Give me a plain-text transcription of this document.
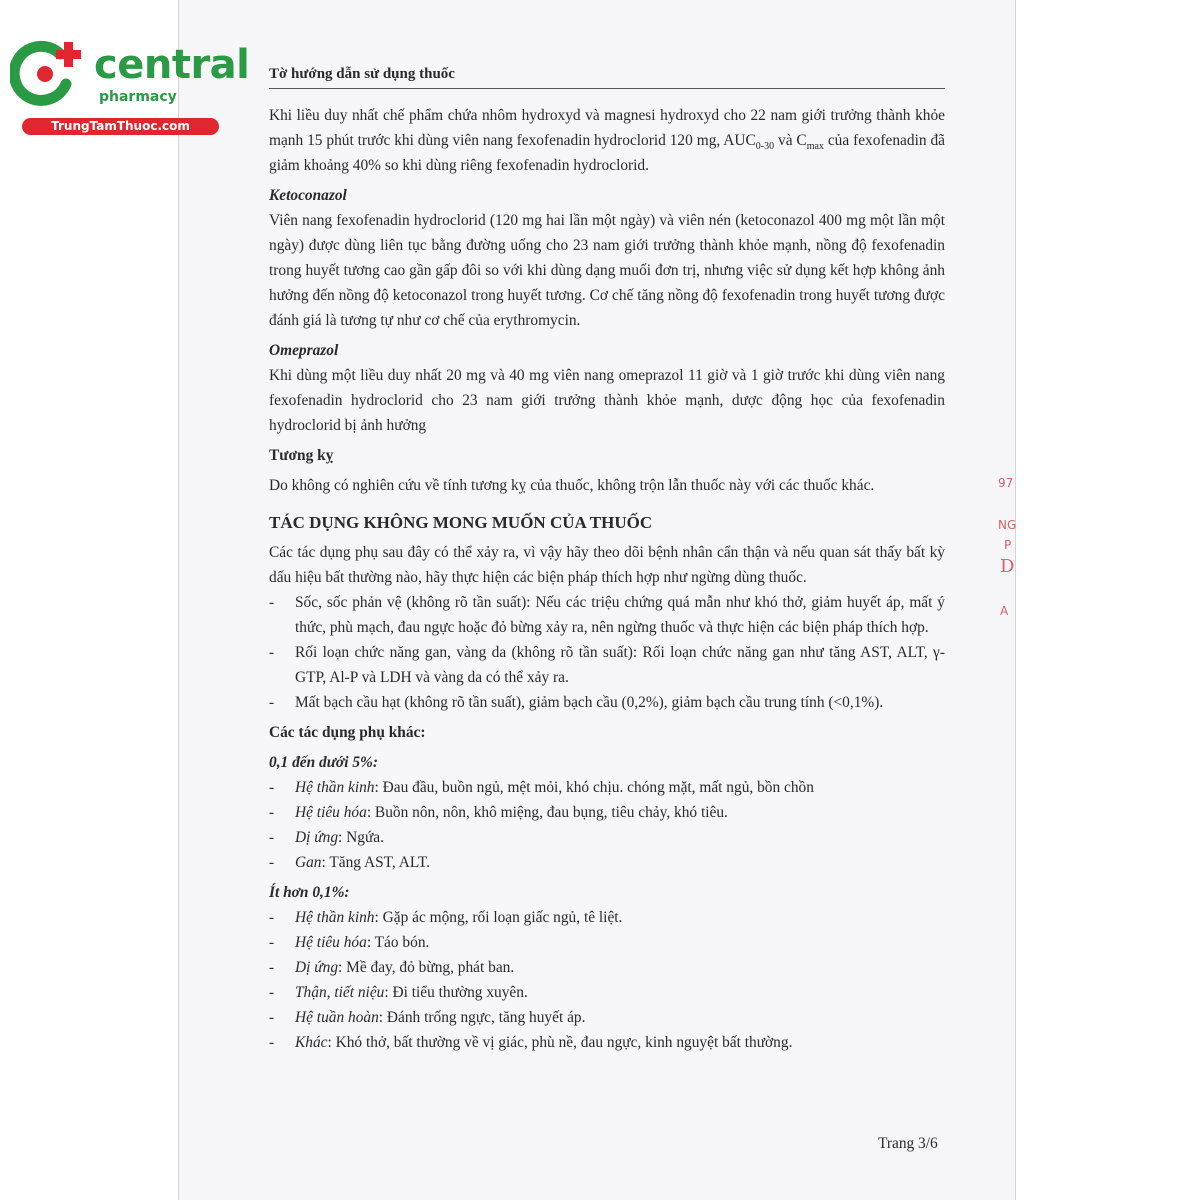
central
pharmacy
TrungTamThuoc.com
Tờ hướng dẫn sử dụng thuốc

Khi liều duy nhất chế phẩm chứa nhôm hydroxyd và magnesi hydroxyd cho 22 nam giới trưởng thành khỏe mạnh 15 phút trước khi dùng viên nang fexofenadin hydroclorid 120 mg, $AUC_{0-30}$ và $C_{max}$ của fexofenadin đã giảm khoảng 40% so khi dùng riêng fexofenadin hydroclorid.

Ketoconazol

Viên nang fexofenadin hydroclorid (120 mg hai lần một ngày) và viên nén (ketoconazol 400 mg một lần một ngày) được dùng liên tục bằng đường uống cho 23 nam giới trưởng thành khỏe mạnh, nồng độ fexofenadin trong huyết tương cao gần gấp đôi so với khi dùng dạng muối đơn trị, nhưng việc sử dụng kết hợp không ảnh hưởng đến nồng độ ketoconazol trong huyết tương. Cơ chế tăng nồng độ fexofenadin trong huyết tương được đánh giá là tương tự như cơ chế của erythromycin.

Omeprazol

Khi dùng một liều duy nhất 20 mg và 40 mg viên nang omeprazol 11 giờ và 1 giờ trước khi dùng viên nang fexofenadin hydroclorid cho 23 nam giới trưởng thành khỏe mạnh, dược động học của fexofenadin hydroclorid bị ảnh hưởng

Tương kỵ

Do không có nghiên cứu về tính tương kỵ của thuốc, không trộn lẫn thuốc này với các thuốc khác.

TÁC DỤNG KHÔNG MONG MUỐN CỦA THUỐC

Các tác dụng phụ sau đây có thể xảy ra, vì vậy hãy theo dõi bệnh nhân cẩn thận và nếu quan sát thấy bất kỳ dấu hiệu bất thường nào, hãy thực hiện các biện pháp thích hợp như ngừng dùng thuốc.

- Sốc, sốc phản vệ (không rõ tần suất): Nếu các triệu chứng quá mẫn như khó thở, giảm huyết áp, mất ý thức, phù mạch, đau ngực hoặc đỏ bừng xảy ra, nên ngừng thuốc và thực hiện các biện pháp thích hợp.
- Rối loạn chức năng gan, vàng da (không rõ tần suất): Rối loạn chức năng gan như tăng AST, ALT, γ-GTP, Al-P và LDH và vàng da có thể xảy ra.
- Mất bạch cầu hạt (không rõ tần suất), giảm bạch cầu (0,2%), giảm bạch cầu trung tính (<0,1%).
Các tác dụng phụ khác:
0,1 đến dưới 5%:
- Hệ thần kinh: Đau đầu, buồn ngủ, mệt mỏi, khó chịu. chóng mặt, mất ngủ, bồn chồn
- Hệ tiêu hóa: Buồn nôn, nôn, khô miệng, đau bụng, tiêu chảy, khó tiêu.
- Dị ứng: Ngứa.
- Gan: Tăng AST, ALT.
Ít hơn 0,1%:
- Hệ thần kinh: Gặp ác mộng, rối loạn giấc ngủ, tê liệt.
- Hệ tiêu hóa: Táo bón.
- Dị ứng: Mề đay, đỏ bừng, phát ban.
- Thận, tiết niệu: Đi tiểu thường xuyên.
- Hệ tuần hoàn: Đánh trống ngực, tăng huyết áp.
- Khác: Khó thở, bất thường về vị giác, phù nề, đau ngực, kinh nguyệt bất thường.
Trang 3/6
97
NG
P
D
A
